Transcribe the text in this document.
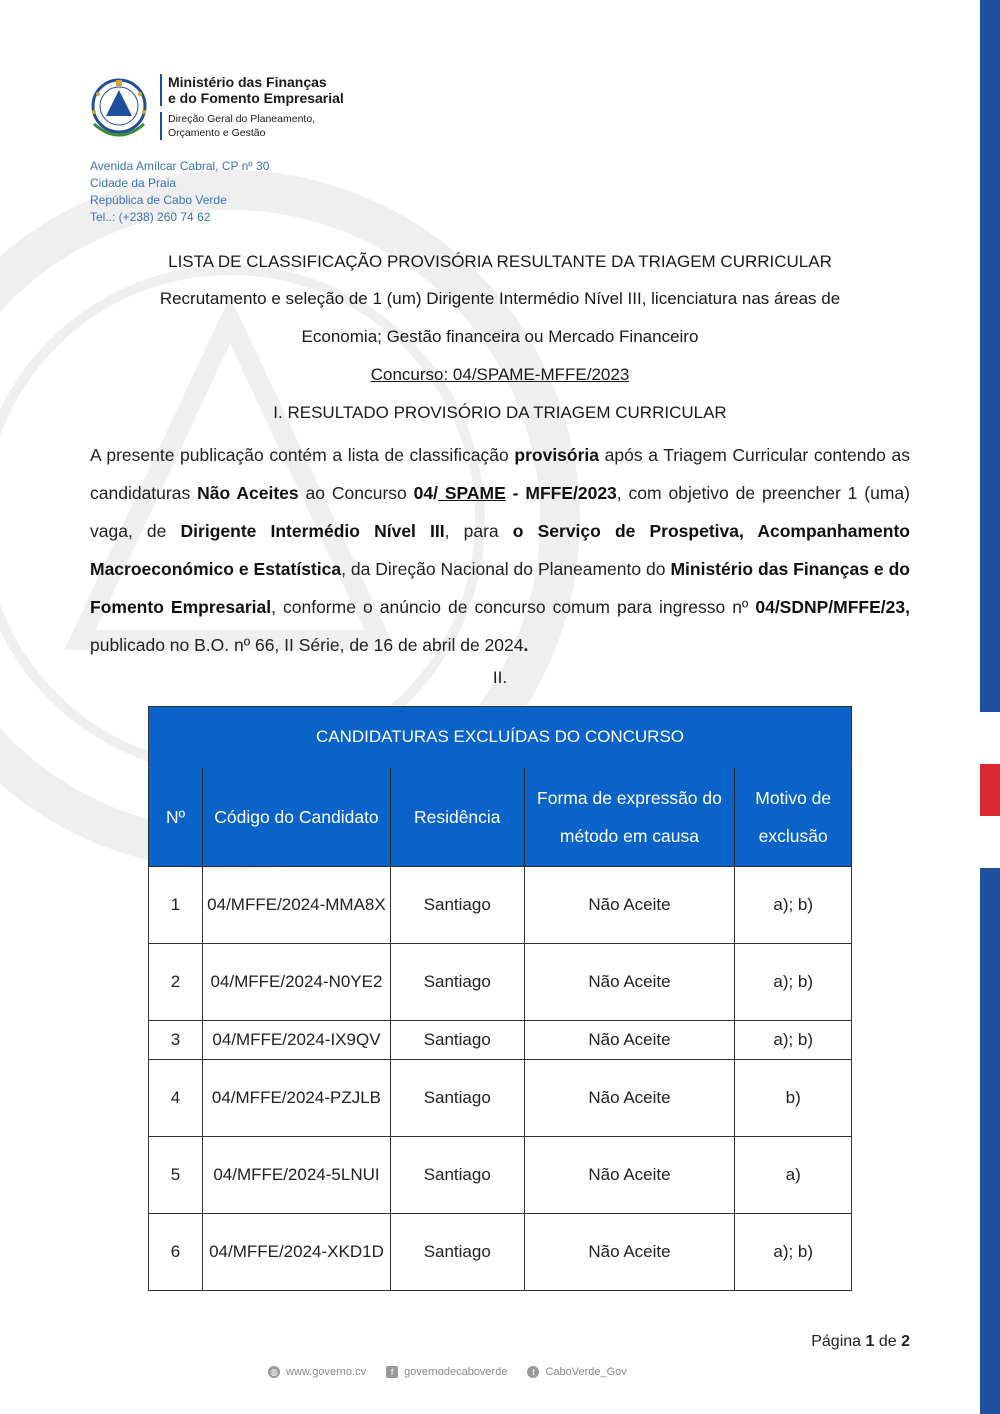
Ministério das Finanças
e do Fomento Empresarial
Direção Geral do Planeamento,
Orçamento e Gestão
Avenida Amílcar Cabral, CP nº 30
Cidade da Praia
República de Cabo Verde
Tel..: (+238) 260 74 62
LISTA DE CLASSIFICAÇÃO PROVISÓRIA RESULTANTE DA TRIAGEM CURRICULAR
Recrutamento e seleção de 1 (um) Dirigente Intermédio Nível III, licenciatura nas áreas de
Economia; Gestão financeira ou Mercado Financeiro
Concurso: 04/SPAME-MFFE/2023
I. RESULTADO PROVISÓRIO DA TRIAGEM CURRICULAR
A presente publicação contém a lista de classificação provisória após a Triagem Curricular contendo as candidaturas Não Aceites ao Concurso 04/ SPAME - MFFE/2023, com objetivo de preencher 1 (uma) vaga, de Dirigente Intermédio Nível III, para o Serviço de Prospetiva, Acompanhamento Macroeconómico e Estatística, da Direção Nacional do Planeamento do Ministério das Finanças e do Fomento Empresarial, conforme o anúncio de concurso comum para ingresso nº 04/SDNP/MFFE/23, publicado no B.O. nº 66, II Série, de 16 de abril de 2024.
II.
CANDIDATURAS EXCLUÍDAS DO CONCURSO				
Nº	Código do Candidato	Residência	Forma de expressão do método em causa	Motivo de exclusão
1	04/MFFE/2024-MMA8X	Santiago	Não Aceite	a); b)
2	04/MFFE/2024-N0YE2	Santiago	Não Aceite	a); b)
3	04/MFFE/2024-IX9QV	Santiago	Não Aceite	a); b)
4	04/MFFE/2024-PZJLB	Santiago	Não Aceite	b)
5	04/MFFE/2024-5LNUI	Santiago	Não Aceite	a)
6	04/MFFE/2024-XKD1D	Santiago	Não Aceite	a); b)
Página 1 de 2
◍ www.governo.cv	f governodecaboverde	t CaboVerde_Gov
